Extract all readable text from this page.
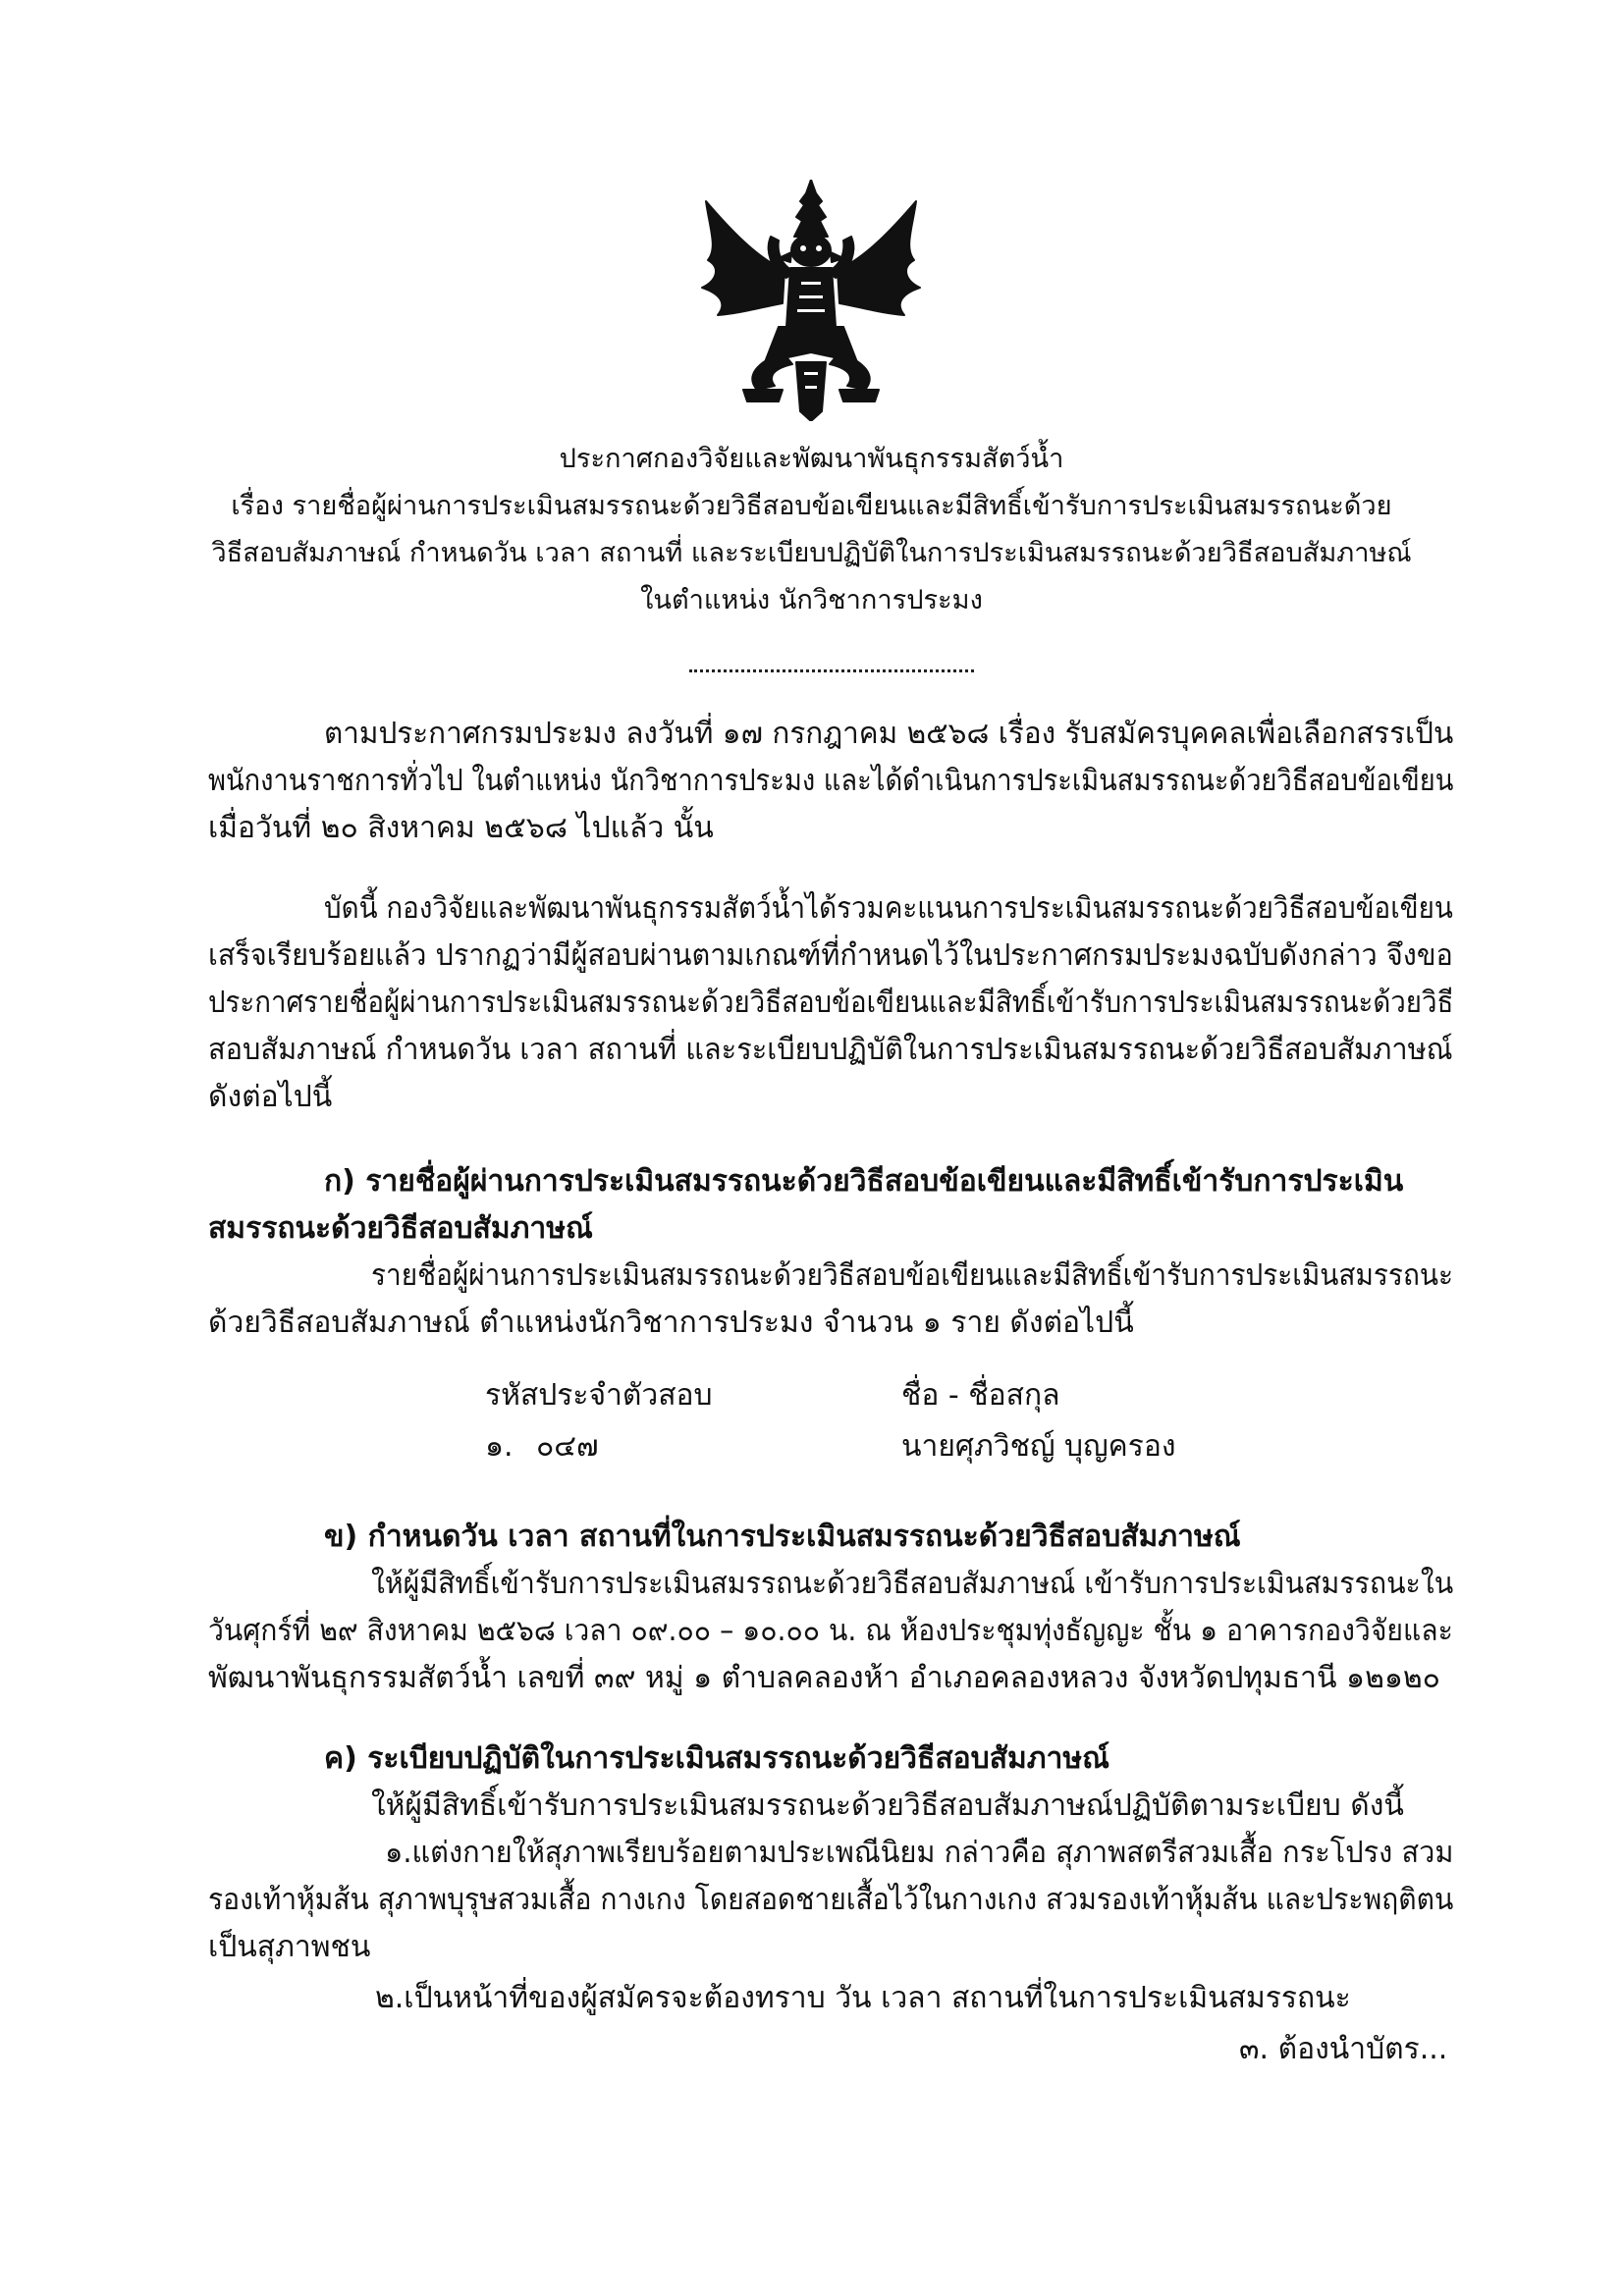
ประกาศกองวิจัยและพัฒนาพันธุกรรมสัตว์น้ำ
เรื่อง รายชื่อผู้ผ่านการประเมินสมรรถนะด้วยวิธีสอบข้อเขียนและมีสิทธิ์เข้ารับการประเมินสมรรถนะด้วย
วิธีสอบสัมภาษณ์ กำหนดวัน เวลา สถานที่ และระเบียบปฏิบัติในการประเมินสมรรถนะด้วยวิธีสอบสัมภาษณ์
ในตำแหน่ง นักวิชาการประมง
ตามประกาศกรมประมง ลงวันที่ ๑๗ กรกฎาคม ๒๕๖๘ เรื่อง รับสมัครบุคคลเพื่อเลือกสรรเป็น
พนักงานราชการทั่วไป ในตำแหน่ง นักวิชาการประมง และได้ดำเนินการประเมินสมรรถนะด้วยวิธีสอบข้อเขียน
เมื่อวันที่ ๒๐ สิงหาคม ๒๕๖๘ ไปแล้ว นั้น
บัดนี้ กองวิจัยและพัฒนาพันธุกรรมสัตว์น้ำได้รวมคะแนนการประเมินสมรรถนะด้วยวิธีสอบข้อเขียน
เสร็จเรียบร้อยแล้ว ปรากฏว่ามีผู้สอบผ่านตามเกณฑ์ที่กำหนดไว้ในประกาศกรมประมงฉบับดังกล่าว จึงขอ
ประกาศรายชื่อผู้ผ่านการประเมินสมรรถนะด้วยวิธีสอบข้อเขียนและมีสิทธิ์เข้ารับการประเมินสมรรถนะด้วยวิธี
สอบสัมภาษณ์ กำหนดวัน เวลา สถานที่ และระเบียบปฏิบัติในการประเมินสมรรถนะด้วยวิธีสอบสัมภาษณ์
ดังต่อไปนี้
ก) รายชื่อผู้ผ่านการประเมินสมรรถนะด้วยวิธีสอบข้อเขียนและมีสิทธิ์เข้ารับการประเมิน
สมรรถนะด้วยวิธีสอบสัมภาษณ์
รายชื่อผู้ผ่านการประเมินสมรรถนะด้วยวิธีสอบข้อเขียนและมีสิทธิ์เข้ารับการประเมินสมรรถนะ
ด้วยวิธีสอบสัมภาษณ์ ตำแหน่งนักวิชาการประมง จำนวน ๑ ราย ดังต่อไปนี้
รหัสประจำตัวสอบ	ชื่อ - ชื่อสกุล
๑. ๐๔๗	นายศุภวิชญ์ บุญครอง
ข) กำหนดวัน เวลา สถานที่ในการประเมินสมรรถนะด้วยวิธีสอบสัมภาษณ์
ให้ผู้มีสิทธิ์เข้ารับการประเมินสมรรถนะด้วยวิธีสอบสัมภาษณ์ เข้ารับการประเมินสมรรถนะใน
วันศุกร์ที่ ๒๙ สิงหาคม ๒๕๖๘ เวลา ๐๙.๐๐ – ๑๐.๐๐ น. ณ ห้องประชุมทุ่งธัญญะ ชั้น ๑ อาคารกองวิจัยและ
พัฒนาพันธุกรรมสัตว์น้ำ เลขที่ ๓๙ หมู่ ๑ ตำบลคลองห้า อำเภอคลองหลวง จังหวัดปทุมธานี ๑๒๑๒๐
ค) ระเบียบปฏิบัติในการประเมินสมรรถนะด้วยวิธีสอบสัมภาษณ์
ให้ผู้มีสิทธิ์เข้ารับการประเมินสมรรถนะด้วยวิธีสอบสัมภาษณ์ปฏิบัติตามระเบียบ ดังนี้
๑.แต่งกายให้สุภาพเรียบร้อยตามประเพณีนิยม กล่าวคือ สุภาพสตรีสวมเสื้อ กระโปรง สวม
รองเท้าหุ้มส้น สุภาพบุรุษสวมเสื้อ กางเกง โดยสอดชายเสื้อไว้ในกางเกง สวมรองเท้าหุ้มส้น และประพฤติตน
เป็นสุภาพชน
๒.เป็นหน้าที่ของผู้สมัครจะต้องทราบ วัน เวลา สถานที่ในการประเมินสมรรถนะ
๓. ต้องนำบัตร...
